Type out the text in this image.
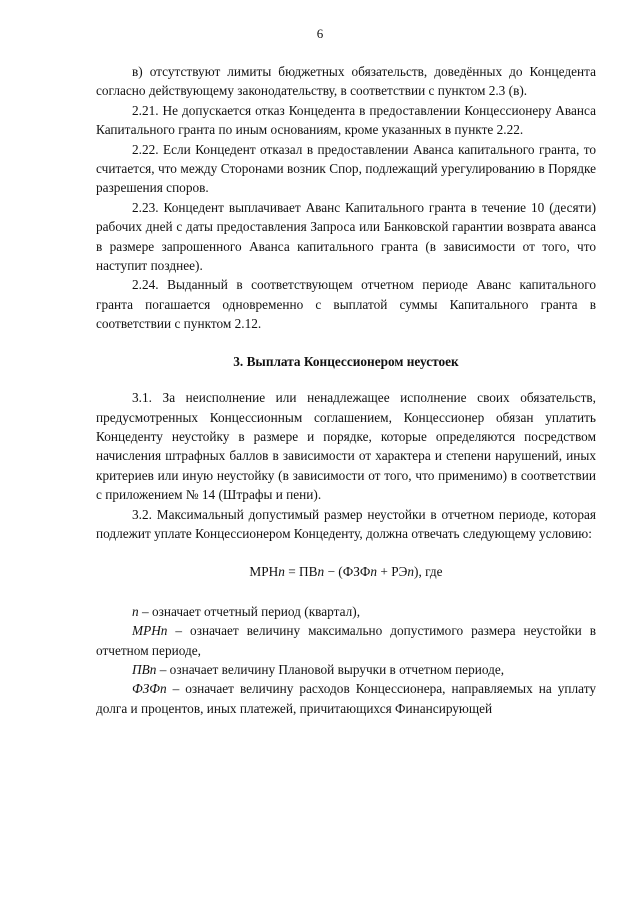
6

в) отсутствуют лимиты бюджетных обязательств, доведённых до Концедента согласно действующему законодательству, в соответствии с пунктом 2.3 (в).

2.21. Не допускается отказ Концедента в предоставлении Концессионеру Аванса Капитального гранта по иным основаниям, кроме указанных в пункте 2.22.

2.22. Если Концедент отказал в предоставлении Аванса капитального гранта, то считается, что между Сторонами возник Спор, подлежащий урегулированию в Порядке разрешения споров.

2.23. Концедент выплачивает Аванс Капитального гранта в течение 10 (десяти) рабочих дней с даты предоставления Запроса или Банковской гарантии возврата аванса в размере запрошенного Аванса капитального гранта (в зависимости от того, что наступит позднее).

2.24. Выданный в соответствующем отчетном периоде Аванс капитального гранта погашается одновременно с выплатой суммы Капитального гранта в соответствии с пунктом 2.12.

3. Выплата Концессионером неустоек

3.1. За неисполнение или ненадлежащее исполнение своих обязательств, предусмотренных Концессионным соглашением, Концессионер обязан уплатить Концеденту неустойку в размере и порядке, которые определяются посредством начисления штрафных баллов в зависимости от характера и степени нарушений, иных критериев или иную неустойку (в зависимости от того, что применимо) в соответствии с приложением № 14 (Штрафы и пени).

3.2. Максимальный допустимый размер неустойки в отчетном периоде, которая подлежит уплате Концессионером Концеденту, должна отвечать следующему условию:

МРНn = ПВn − (ФЗФn + РЭn), где

n – означает отчетный период (квартал),

МРНn – означает величину максимально допустимого размера неустойки в отчетном периоде,

ПВn – означает величину Плановой выручки в отчетном периоде,

ФЗФn – означает величину расходов Концессионера, направляемых на уплату долга и процентов, иных платежей, причитающихся Финансирующей
